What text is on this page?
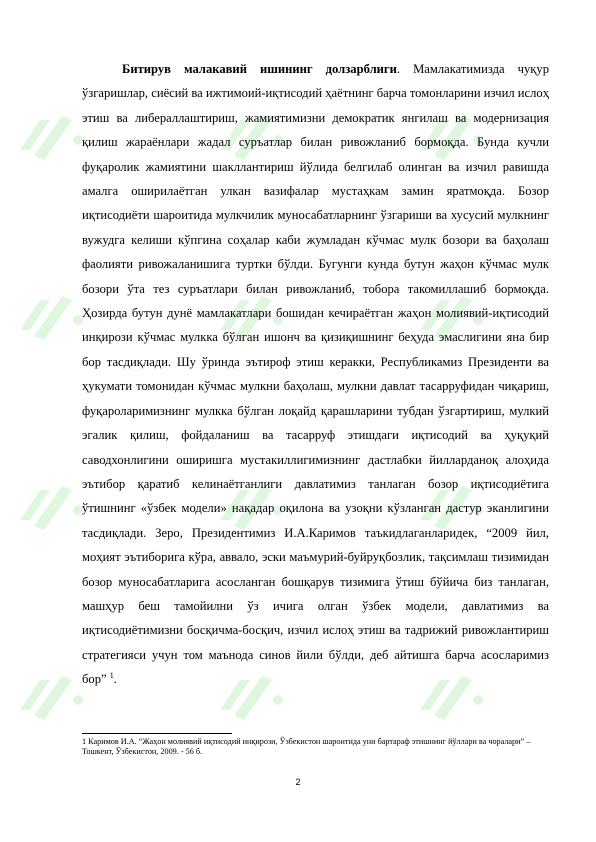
Битирув малакавий ишининг долзарблиги. Мамлакатимизда чуқур ўзгаришлар, сиёсий ва ижтимоий-иқтисодий ҳаётнинг барча томонларини изчил ислоҳ этиш ва либераллаштириш, жамиятимизни демократик янгилаш ва модернизация қилиш жараёнлари жадал суръатлар билан ривожланиб бормоқда. Бунда кучли фуқаролик жамиятини шакллантириш йўлида белгилаб олинган ва изчил равишда амалга оширилаётган улкан вазифалар мустаҳкам замин яратмоқда. Бозор иқтисодиёти шароитида мулкчилик муносабатларнинг ўзгариши ва хусусий мулкнинг вужудга келиши кўпгина соҳалар каби жумладан кўчмас мулк бозори ва баҳолаш фаолияти ривожаланишига туртки бўлди. Бугунги кунда бутун жаҳон кўчмас мулк бозори ўта тез суръатлари билан ривожланиб, тобора такомиллашиб бормоқда. Ҳозирда бутун дунё мамлакатлари бошидан кечираётган жаҳон молиявий-иқтисодий инқирози кўчмас мулкка бўлган ишонч ва қизиқишнинг беҳуда эмаслигини яна бир бор тасдиқлади. Шу ўринда эътироф этиш керакки, Республикамиз Президенти ва ҳукумати томонидан кўчмас мулкни баҳолаш, мулкни давлат тасарруфидан чиқариш, фуқароларимизнинг мулкка бўлган лоқайд қарашларини тубдан ўзгартириш, мулкий эгалик қилиш, фойдаланиш ва тасарруф этишдаги иқтисодий ва ҳуқуқий саводхонлигини оширишга мустакиллигимизнинг дастлабки йилларданоқ алоҳида эътибор қаратиб келинаётганлиги давлатимиз танлаган бозор иқтисодиётига ўтишнинг «ўзбек модели» нақадар оқилона ва узоқни кўзланган дастур эканлигини тасдиқлади. Зеро, Президентимиз И.А.Каримов таъкидлаганларидек, “2009 йил, моҳият эътиборига кўра, аввало, эски маъмурий-буйруқбозлик, тақсимлаш тизимидан бозор муносабатларига асосланган бошқарув тизимига ўтиш бўйича биз танлаган, машҳур беш тамойилни ўз ичига олган ўзбек модели, давлатимиз ва иқтисодиётимизни босқичма-босқич, изчил ислоҳ этиш ва тадрижий ривожлантириш стратегияси учун том маънода синов йили бўлди, деб айтишга барча асосларимиз бор” $^1$.

1 Каримов И.А. “Жаҳон молиявий иқтисодий инқирози, Ўзбекистон шароитида уни бартараф этишнинг йўллари ва чоралари” – Тошкент, Ўзбекистон, 2009. - 56 б.

2
